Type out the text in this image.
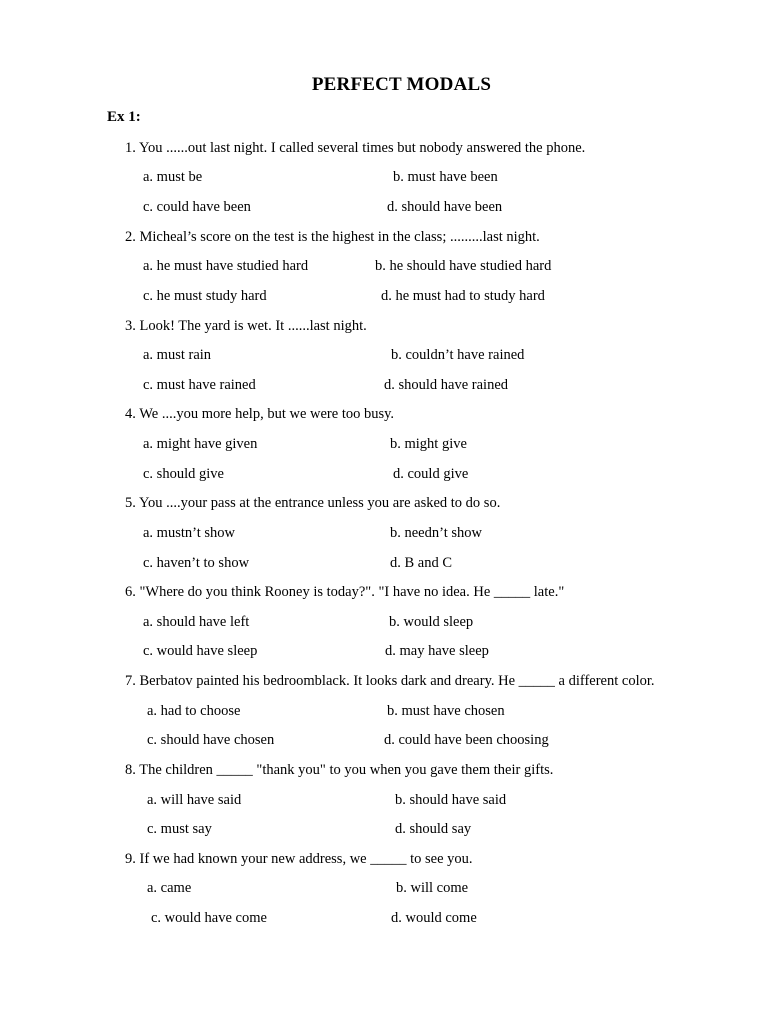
PERFECT MODALS
Ex 1:
1. You ......out last night. I called several times but nobody answered the phone.
a. must be	b. must have been
c. could have been	d. should have been
2. Micheal’s score on the test is the highest in the class; .........last night.
a. he must have studied hard	b. he should have studied hard
c. he must study hard	d. he must had to study hard
3. Look! The yard is wet. It ......last night.
a. must rain	b. couldn’t have rained
c. must have rained	d. should have rained
4. We ....you more help, but we were too busy.
a. might have given	b. might give
c. should give	d. could give
5. You ....your pass at the entrance unless you are asked to do so.
a. mustn’t show	b. needn’t show
c. haven’t to show	d. B and C
6. "Where do you think Rooney is today?". "I have no idea. He _____ late."
a. should have left	b. would sleep
c. would have sleep	d. may have sleep
7. Berbatov painted his bedroomblack. It looks dark and dreary. He _____ a different color.
a. had to choose	b. must have chosen
c. should have chosen	d. could have been choosing
8. The children _____ "thank you" to you when you gave them their gifts.
a. will have said	b. should have said
c. must say	d. should say
9. If we had known your new address, we _____ to see you.
a. came	b. will come
c. would have come	d. would come
